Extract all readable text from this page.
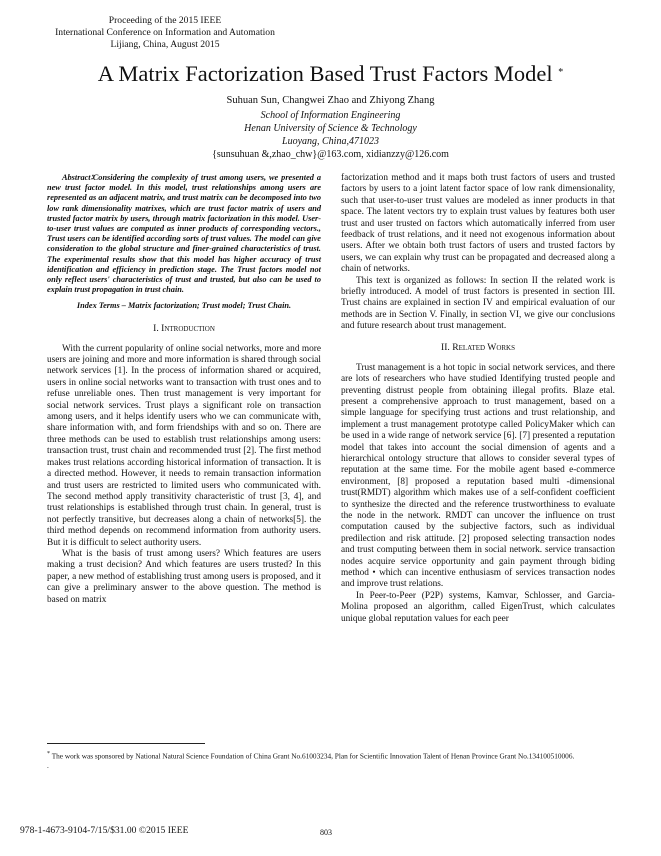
Proceeding of the 2015 IEEE
International Conference on Information and Automation
Lijiang, China, August 2015
A Matrix Factorization Based Trust Factors Model *
Suhuan Sun, Changwei Zhao and Zhiyong Zhang
School of Information Engineering
Henan University of Science & Technology
Luoyang, China,471023
{sunsuhuan &,zhao_chw}@163.com, xidianzzy@126.com
Abstract∶Considering the complexity of trust among users, we presented a new trust factor model. In this model, trust relationships among users are represented as an adjacent matrix, and trust matrix can be decomposed into two low rank dimensionality matrixes, which are trust factor matrix of users and trusted factor matrix by users, through matrix factorization in this model. User-to-user trust values are computed as inner products of corresponding vectors., Trust users can be identified according sorts of trust values. The model can give consideration to the global structure and finer-grained characteristics of trust. The experimental results show that this model has higher accuracy of trust identification and efficiency in prediction stage. The Trust factors model not only reflect users' characteristics of trust and trusted, but also can be used to explain trust propagation in trust chain.
Index Terms – Matrix factorization; Trust model; Trust Chain.
I. Introduction

With the current popularity of online social networks, more and more users are joining and more and more information is shared through social network services [1]. In the process of information shared or acquired, users in online social networks want to transaction with trust ones and to refuse unreliable ones. Then trust management is very important for social network services. Trust plays a significant role on transaction among users, and it helps identify users who we can communicate with, share information with, and form friendships with and so on. There are three methods can be used to establish trust relationships among users: transaction trust, trust chain and recommended trust [2]. The first method makes trust relations according historical information of transaction. It is a directed method. However, it needs to remain transaction information and trust users are restricted to limited users who communicated with. The second method apply transitivity characteristic of trust [3, 4], and trust relationships is established through trust chain. In general, trust is not perfectly transitive, but decreases along a chain of networks[5]. the third method depends on recommend information from authority users. But it is difficult to select authority users.

What is the basis of trust among users? Which features are users making a trust decision? And which features are users trusted? In this paper, a new method of establishing trust among users is proposed, and it can give a preliminary answer to the above question. The method is based on matrix

factorization method and it maps both trust factors of users and trusted factors by users to a joint latent factor space of low rank dimensionality, such that user-to-user trust values are modeled as inner products in that space. The latent vectors try to explain trust values by features both user trust and user trusted on factors which automatically inferred from user feedback of trust relations, and it need not exogenous information about users. After we obtain both trust factors of users and trusted factors by users, we can explain why trust can be propagated and decreased along a chain of networks.

This text is organized as follows: In section II the related work is briefly introduced. A model of trust factors is presented in section III. Trust chains are explained in section IV and empirical evaluation of our methods are in Section V. Finally, in section VI, we give our conclusions and future research about trust management.

II. Related Works

Trust management is a hot topic in social network services, and there are lots of researchers who have studied Identifying trusted people and preventing distrust people from obtaining illegal profits. Blaze etal. present a comprehensive approach to trust management, based on a simple language for specifying trust actions and trust relationship, and implement a trust management prototype called PolicyMaker which can be used in a wide range of network service [6]. [7] presented a reputation model that takes into account the social dimension of agents and a hierarchical ontology structure that allows to consider several types of reputation at the same time. For the mobile agent based e-commerce environment, [8] proposed a reputation based multi -dimensional trust(RMDT) algorithm which makes use of a self-confident coefficient to synthesize the directed and the reference trustworthiness to evaluate the node in the network. RMDT can uncover the influence on trust computation caused by the subjective factors, such as individual predilection and risk attitude. [2] proposed selecting transaction nodes and trust computing between them in social network. service transaction nodes acquire service opportunity and gain payment through biding method • which can incentive enthusiasm of services transaction nodes and improve trust relations.

In Peer-to-Peer (P2P) systems, Kamvar, Schlosser, and Garcia-Molina proposed an algorithm, called EigenTrust, which calculates unique global reputation values for each peer

* The work was sponsored by National Natural Science Foundation of China Grant No.61003234, Plan for Scientific Innovation Talent of Henan Province Grant No.134100510006.
.
978-1-4673-9104-7/15/$31.00 ©2015 IEEE	803
